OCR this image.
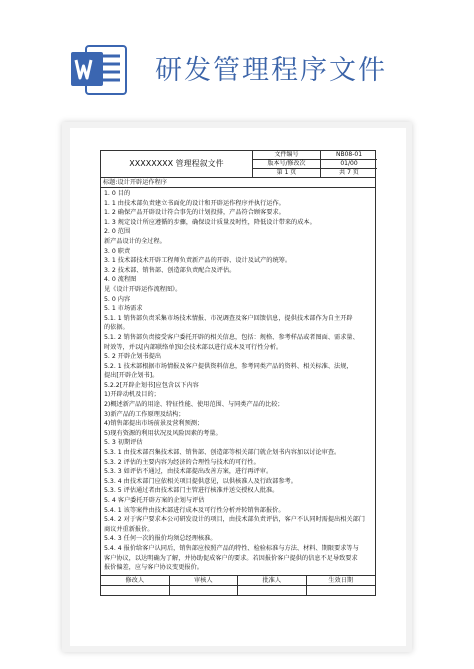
研发管理程序文件
XXXXXXXX 管理程叙文件
文件编号	NB08-01
版本号/修改次	01/00
第 1 页	共 7 页
标题:设计开辟运作程序
1. 0 目的
1. 1 由技术部负责建立书面化的设计和开辟运作程序并执行运作。
1. 2 确保产品开辟设计符合事先的计划投排，产品符合顾客要求。
1. 3 规定设计所应遵循的步骤，确保设计质量及时性，降低设计带来的成本。
2. 0 范围
新产品设计的全过程。
3. 0 职责
3. 1 技术部技术开辟工程师负责新产品的开辟、设计及试产的统筹。
3. 2 技术部、销售部、创造部负责配合及评估。
4. 0 流程图
见《设计开辟运作流程图》。
5. 0 内容
5. 1 市场需求
5.1. 1 销售部负责采集市场技术情报、市况调查及客户回馈信息，提供技术部作为自主开辟
的依据。
5.1. 2 销售部负责接受客户委托开辟的相关信息，包括：规格、参考样品或者图面、需求量、
时效等，并以[内部联络单]知会技术部以进行成本及可行性分析。
5. 2 开辟企划书提出
5.2. 1 技术部根据市场情报及客户提供资料信息，参考同类产品的资料、相关标准、法规，
提出[开辟企划书]。
5.2.2[开辟企划书]应包含以下内容
1)开辟动机及目的；
2)概述新产品的用途、特征性能、使用范围、与同类产品的比较；
3)新产品的工作原理及结构；
4)销售部提出市场前景及营利预测；
5)现有资源的利用状况及风险因素的考量。
5. 3 初期评估
5.3. 1 由技术部召集技术部、销售部、创造部等相关部门就企划书内容加以讨论审查。
5.3. 2 评估的主要内容为经济的合理性与技术的可行性。
5.3. 3 如评估不通过，由技术部提出改善方案，进行再评审。
5.3. 4 由技术部门应依相关项目提供意见，以供核准人及行政部参考。
5.3. 5 评估通过者由技术部门主管进行核准并送交授权人批准。
5. 4 客户委托开辟方案的企划与评估
5.4. 1 该等案件由技术部进行成本及可行性分析并转销售部报价。
5.4. 2 对于客户要求本公司研发设计的项目，由技术部负责评估，客户不认同时需提出相关部门
商议并重新报价。
5.4. 3 任何一次的报价均须总经理核准。
5.4. 4 报价给客户认同后，销售部应按照产品的特性、检验标准与方法、材料、期限要求等与
客户协议，以达明确为了解，并协助促成客户的要求。若因报价客户提供的信息不足导致要求
报价偏差，应与客户协议变更报价。
修改人	审核人	批准人	生效日期
